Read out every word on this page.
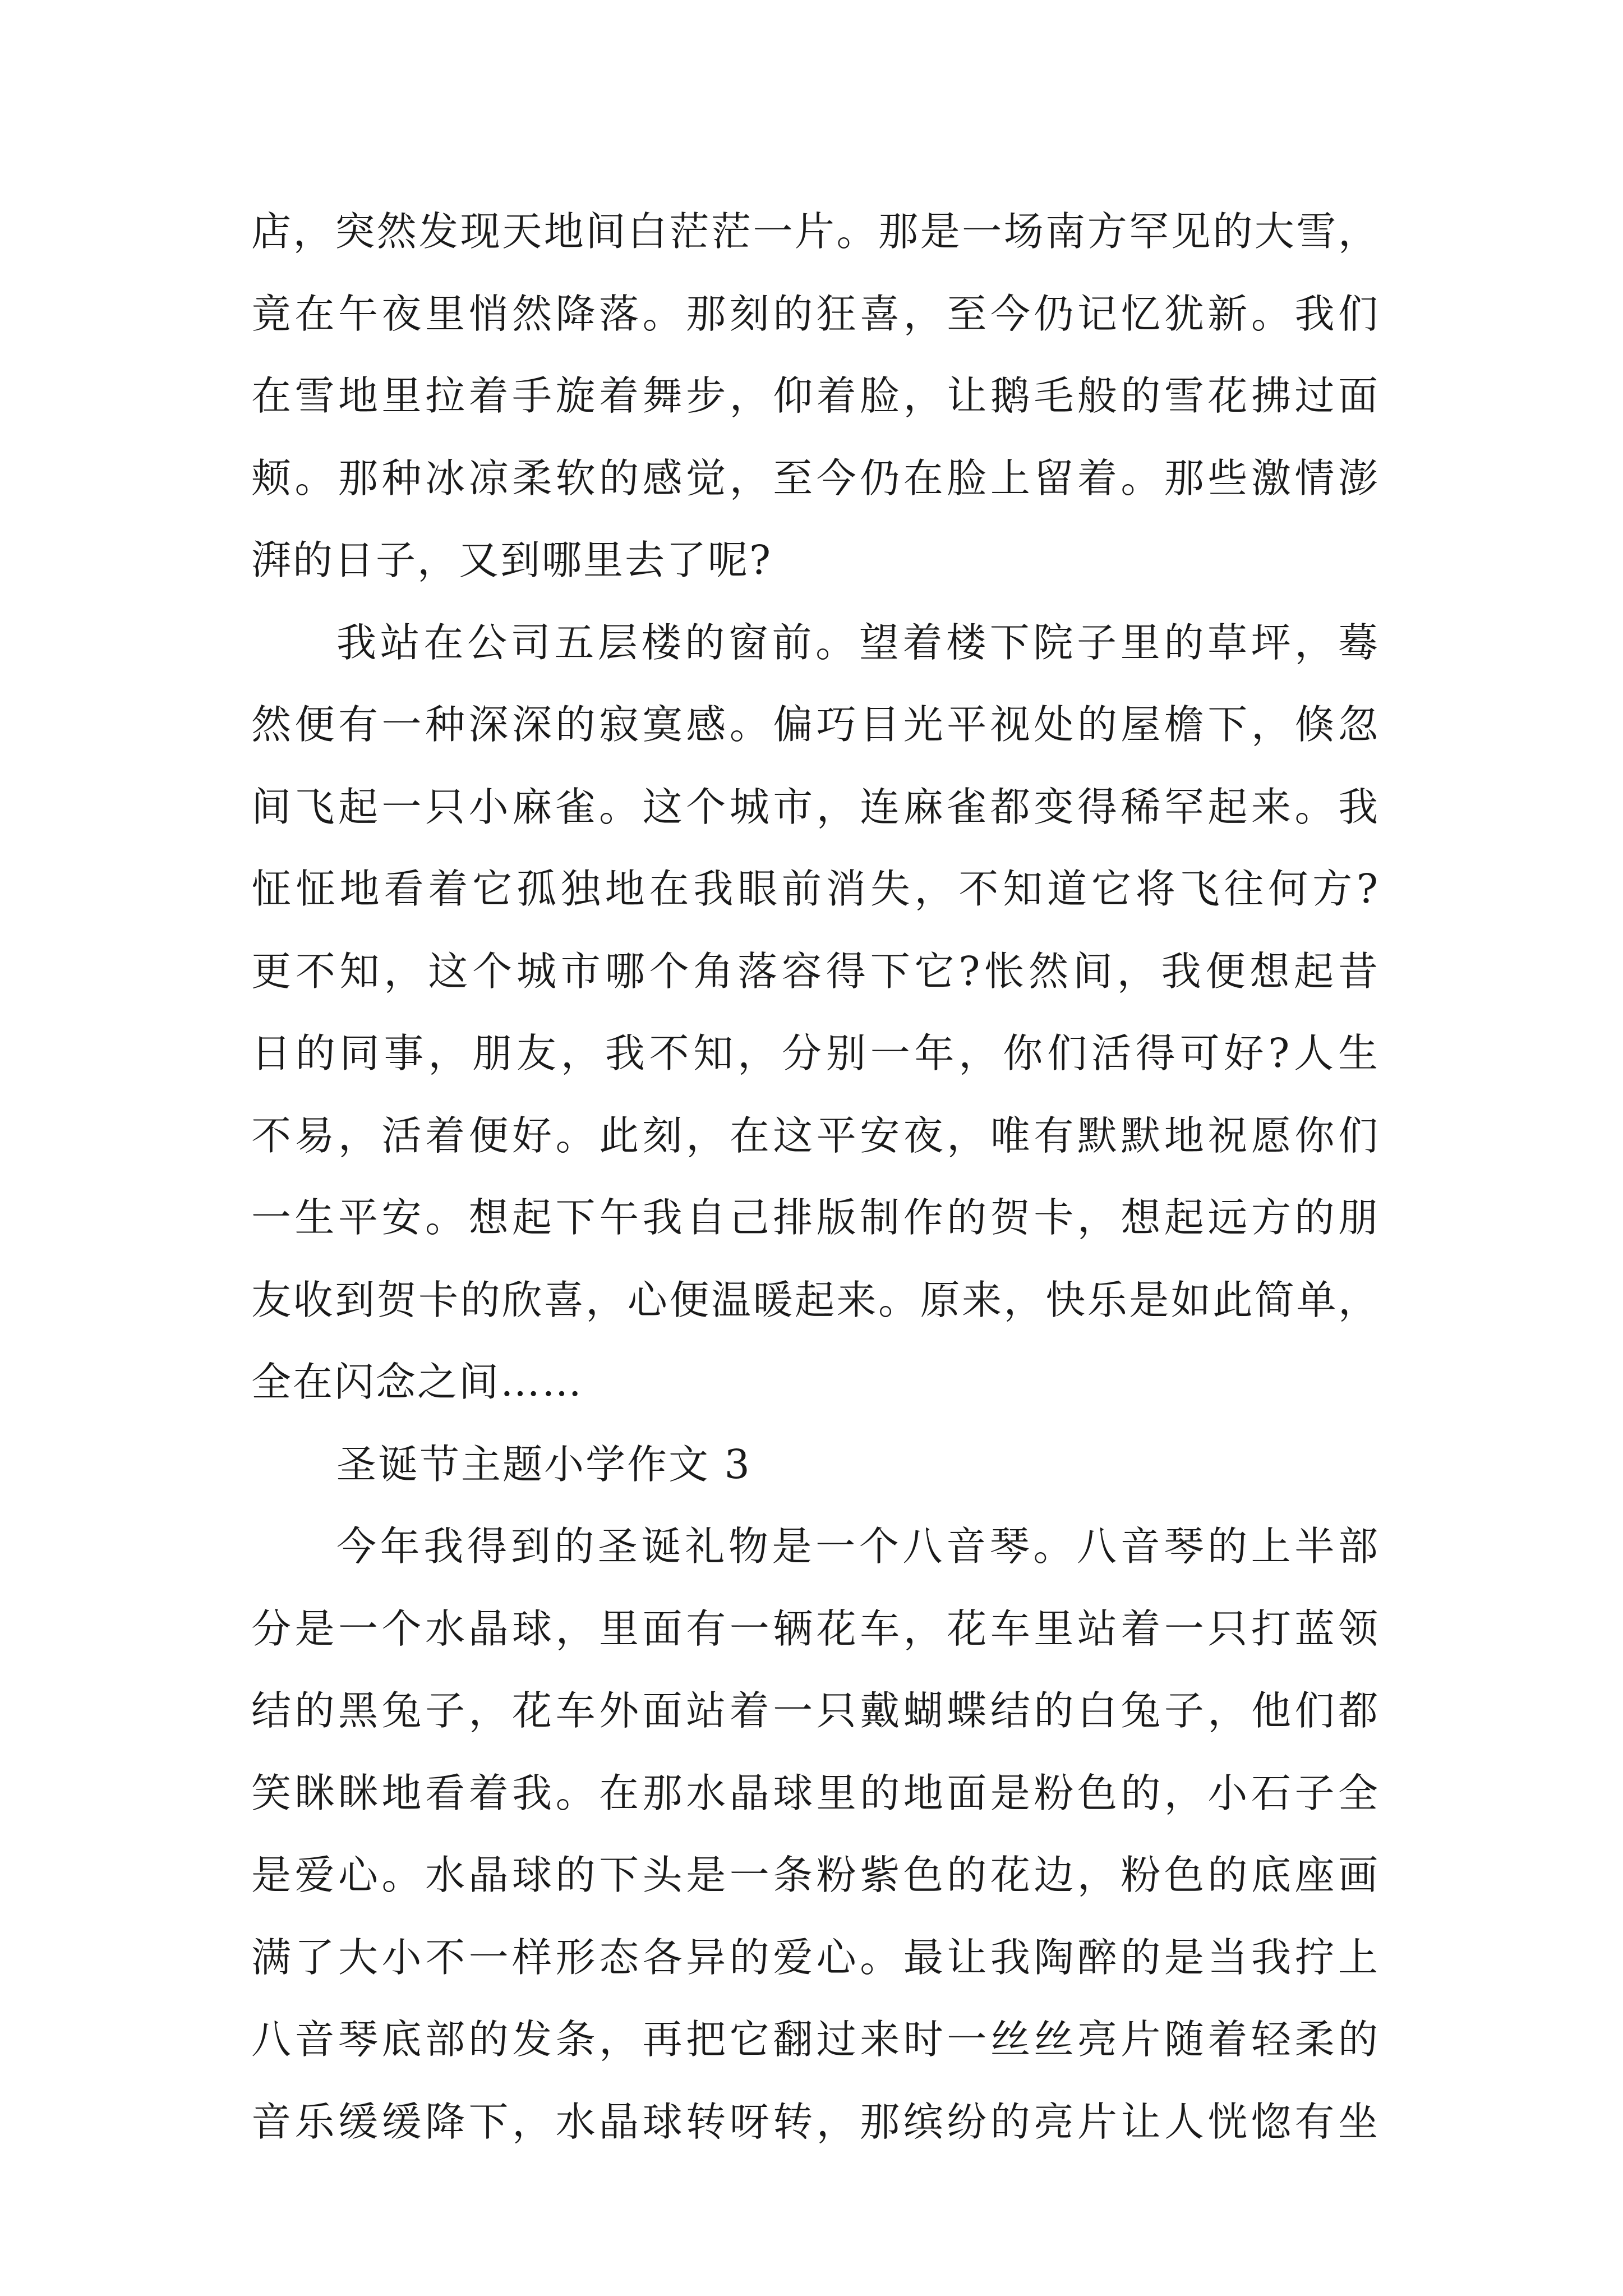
店，突然发现天地间白茫茫一片。那是一场南方罕见的大雪，
竟在午夜里悄然降落。那刻的狂喜，至今仍记忆犹新。我们
在雪地里拉着手旋着舞步，仰着脸，让鹅毛般的雪花拂过面
颊。那种冰凉柔软的感觉，至今仍在脸上留着。那些激情澎
湃的日子，又到哪里去了呢?
我站在公司五层楼的窗前。望着楼下院子里的草坪，蓦
然便有一种深深的寂寞感。偏巧目光平视处的屋檐下，倏忽
间飞起一只小麻雀。这个城市，连麻雀都变得稀罕起来。我
怔怔地看着它孤独地在我眼前消失，不知道它将飞往何方?
更不知，这个城市哪个角落容得下它?怅然间，我便想起昔
日的同事，朋友，我不知，分别一年，你们活得可好?人生
不易，活着便好。此刻，在这平安夜，唯有默默地祝愿你们
一生平安。想起下午我自己排版制作的贺卡，想起远方的朋
友收到贺卡的欣喜，心便温暖起来。原来，快乐是如此简单，
全在闪念之间……
圣诞节主题小学作文 3
今年我得到的圣诞礼物是一个八音琴。八音琴的上半部
分是一个水晶球，里面有一辆花车，花车里站着一只打蓝领
结的黑兔子，花车外面站着一只戴蝴蝶结的白兔子，他们都
笑眯眯地看着我。在那水晶球里的地面是粉色的，小石子全
是爱心。水晶球的下头是一条粉紫色的花边，粉色的底座画
满了大小不一样形态各异的爱心。最让我陶醉的是当我拧上
八音琴底部的发条，再把它翻过来时一丝丝亮片随着轻柔的
音乐缓缓降下，水晶球转呀转，那缤纷的亮片让人恍惚有坐
